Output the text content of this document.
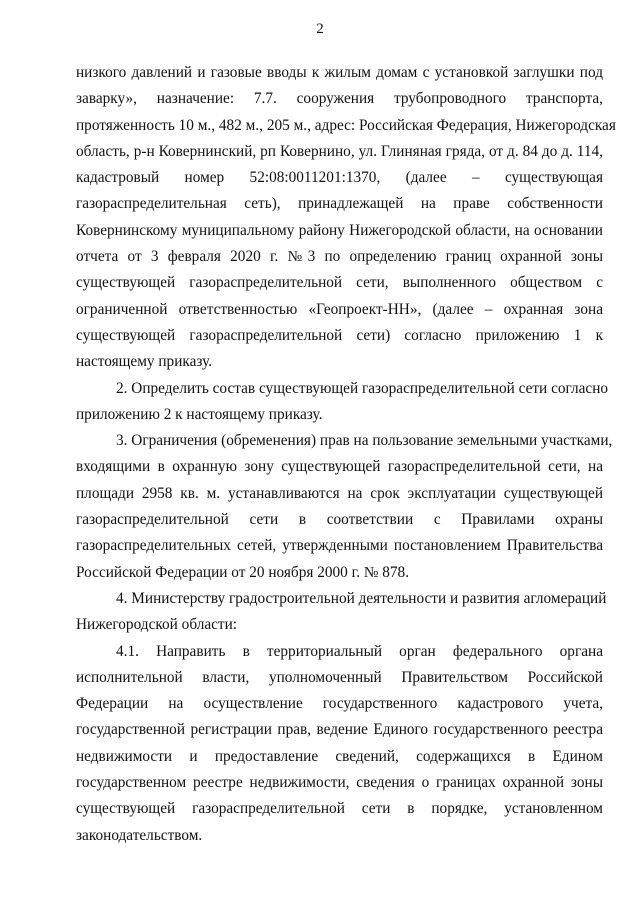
2

низкого давлений и газовые вводы к жилым домам с установкой заглушки под
заварку», назначение: 7.7. сооружения трубопроводного транспорта,
протяженность 10 м., 482 м., 205 м., адрес: Российская Федерация, Нижегородская
область, р-н Ковернинский, рп Ковернино, ул. Глиняная гряда, от д. 84 до д. 114,
кадастровый номер 52:08:0011201:1370, (далее – существующая
газораспределительная сеть), принадлежащей на праве собственности
Ковернинскому муниципальному району Нижегородской области, на основании
отчета от 3 февраля 2020 г. №3 по определению границ охранной зоны
существующей газораспределительной сети, выполненного обществом с
ограниченной ответственностью «Геопроект-НН», (далее – охранная зона
существующей газораспределительной сети) согласно приложению 1 к
настоящему приказу.

2. Определить состав существующей газораспределительной сети согласно
приложению 2 к настоящему приказу.

3. Ограничения (обременения) прав на пользование земельными участками,
входящими в охранную зону существующей газораспределительной сети, на
площади 2958 кв. м. устанавливаются на срок эксплуатации существующей
газораспределительной сети в соответствии с Правилами охраны
газораспределительных сетей, утвержденными постановлением Правительства
Российской Федерации от 20 ноября 2000 г. № 878.

4. Министерству градостроительной деятельности и развития агломераций
Нижегородской области:

4.1. Направить в территориальный орган федерального органа
исполнительной власти, уполномоченный Правительством Российской
Федерации на осуществление государственного кадастрового учета,
государственной регистрации прав, ведение Единого государственного реестра
недвижимости и предоставление сведений, содержащихся в Едином
государственном реестре недвижимости, сведения о границах охранной зоны
существующей газораспределительной сети в порядке, установленном
законодательством.
